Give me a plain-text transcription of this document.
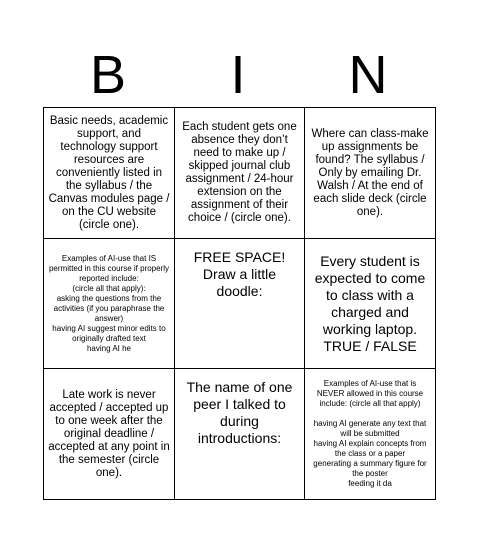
B	I	N
Basic needs, academic support, and technology support resources are conveniently listed in the syllabus / the Canvas modules page / on the CU website (circle one).
Each student gets one absence they don’t need to make up / skipped journal club assignment / 24-hour extension on the assignment of their choice / (circle one).
Where can class-make up assignments be found? The syllabus / Only by emailing Dr. Walsh / At the end of each slide deck (circle one).
Examples of AI-use that IS permitted in this course if properly reported include:
(circle all that apply):
asking the questions from the activities (if you paraphrase the answer)
having AI suggest minor edits to originally drafted text
having AI he
FREE SPACE!
Draw a little doodle:
Every student is expected to come to class with a charged and working laptop. TRUE / FALSE
Late work is never accepted / accepted up to one week after the original deadline / accepted at any point in the semester (circle one).
The name of one peer I talked to during introductions:
Examples of AI-use that is NEVER allowed in this course include: (circle all that apply)

having AI generate any text that will be submitted
having AI explain concepts from the class or a paper
generating a summary figure for the poster
feeding it da
